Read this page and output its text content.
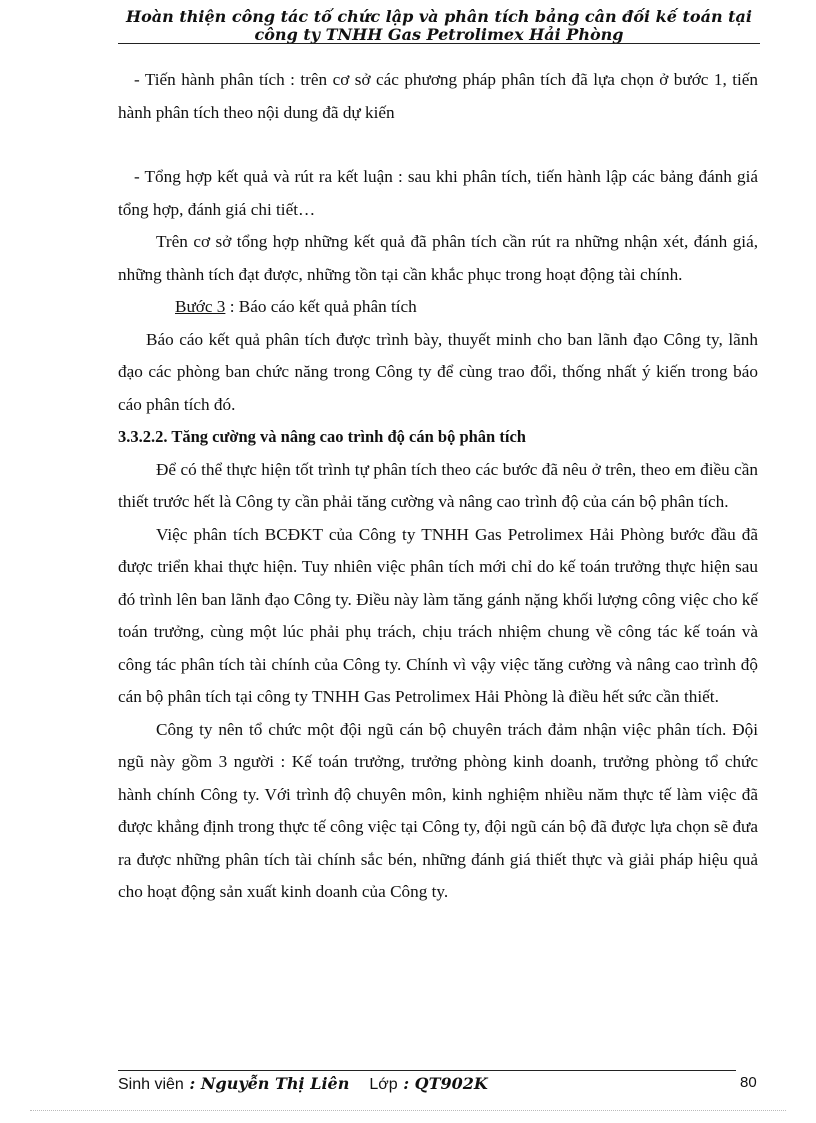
Hoàn thiện công tác tổ chức lập và phân tích bảng cân đối kế toán tại
công ty TNHH Gas Petrolimex Hải Phòng

- Tiến hành phân tích : trên cơ sở các phương pháp phân tích đã lựa chọn ở bước 1, tiến hành phân tích theo nội dung đã dự kiến

- Tổng hợp kết quả và rút ra kết luận : sau khi phân tích, tiến hành lập các bảng đánh giá tổng hợp, đánh giá chi tiết…

Trên cơ sở tổng hợp những kết quả đã phân tích cần rút ra những nhận xét, đánh giá, những thành tích đạt được, những tồn tại cần khắc phục trong hoạt động tài chính.

Bước 3 : Báo cáo kết quả phân tích

Báo cáo kết quả phân tích được trình bày, thuyết minh cho ban lãnh đạo Công ty, lãnh đạo các phòng ban chức năng trong Công ty để cùng trao đổi, thống nhất ý kiến trong báo cáo phân tích đó.

3.3.2.2. Tăng cường và nâng cao trình độ cán bộ phân tích

Để có thể thực hiện tốt trình tự phân tích theo các bước đã nêu ở trên, theo em điều cần thiết trước hết là Công ty cần phải tăng cường và nâng cao trình độ của cán bộ phân tích.

Việc phân tích BCĐKT của Công ty TNHH Gas Petrolimex Hải Phòng bước đầu đã được triển khai thực hiện. Tuy nhiên việc phân tích mới chỉ do kế toán trưởng thực hiện sau đó trình lên ban lãnh đạo Công ty. Điều này làm tăng gánh nặng khối lượng công việc cho kế toán trưởng, cùng một lúc phải phụ trách, chịu trách nhiệm chung về công tác kế toán và công tác phân tích tài chính của Công ty. Chính vì vậy việc tăng cường và nâng cao trình độ cán bộ phân tích tại công ty TNHH Gas Petrolimex Hải Phòng là điều hết sức cần thiết.

Công ty nên tổ chức một đội ngũ cán bộ chuyên trách đảm nhận việc phân tích. Đội ngũ này gồm 3 người : Kế toán trưởng, trưởng phòng kinh doanh, trưởng phòng tổ chức hành chính Công ty. Với trình độ chuyên môn, kinh nghiệm nhiều năm thực tế làm việc đã được khẳng định trong thực tế công việc tại Công ty, đội ngũ cán bộ đã được lựa chọn sẽ đưa ra được những phân tích tài chính sắc bén, những đánh giá thiết thực và giải pháp hiệu quả cho hoạt động sản xuất kinh doanh của Công ty.

Sinh viên : Nguyễn Thị Liên Lớp : QT902K	80
